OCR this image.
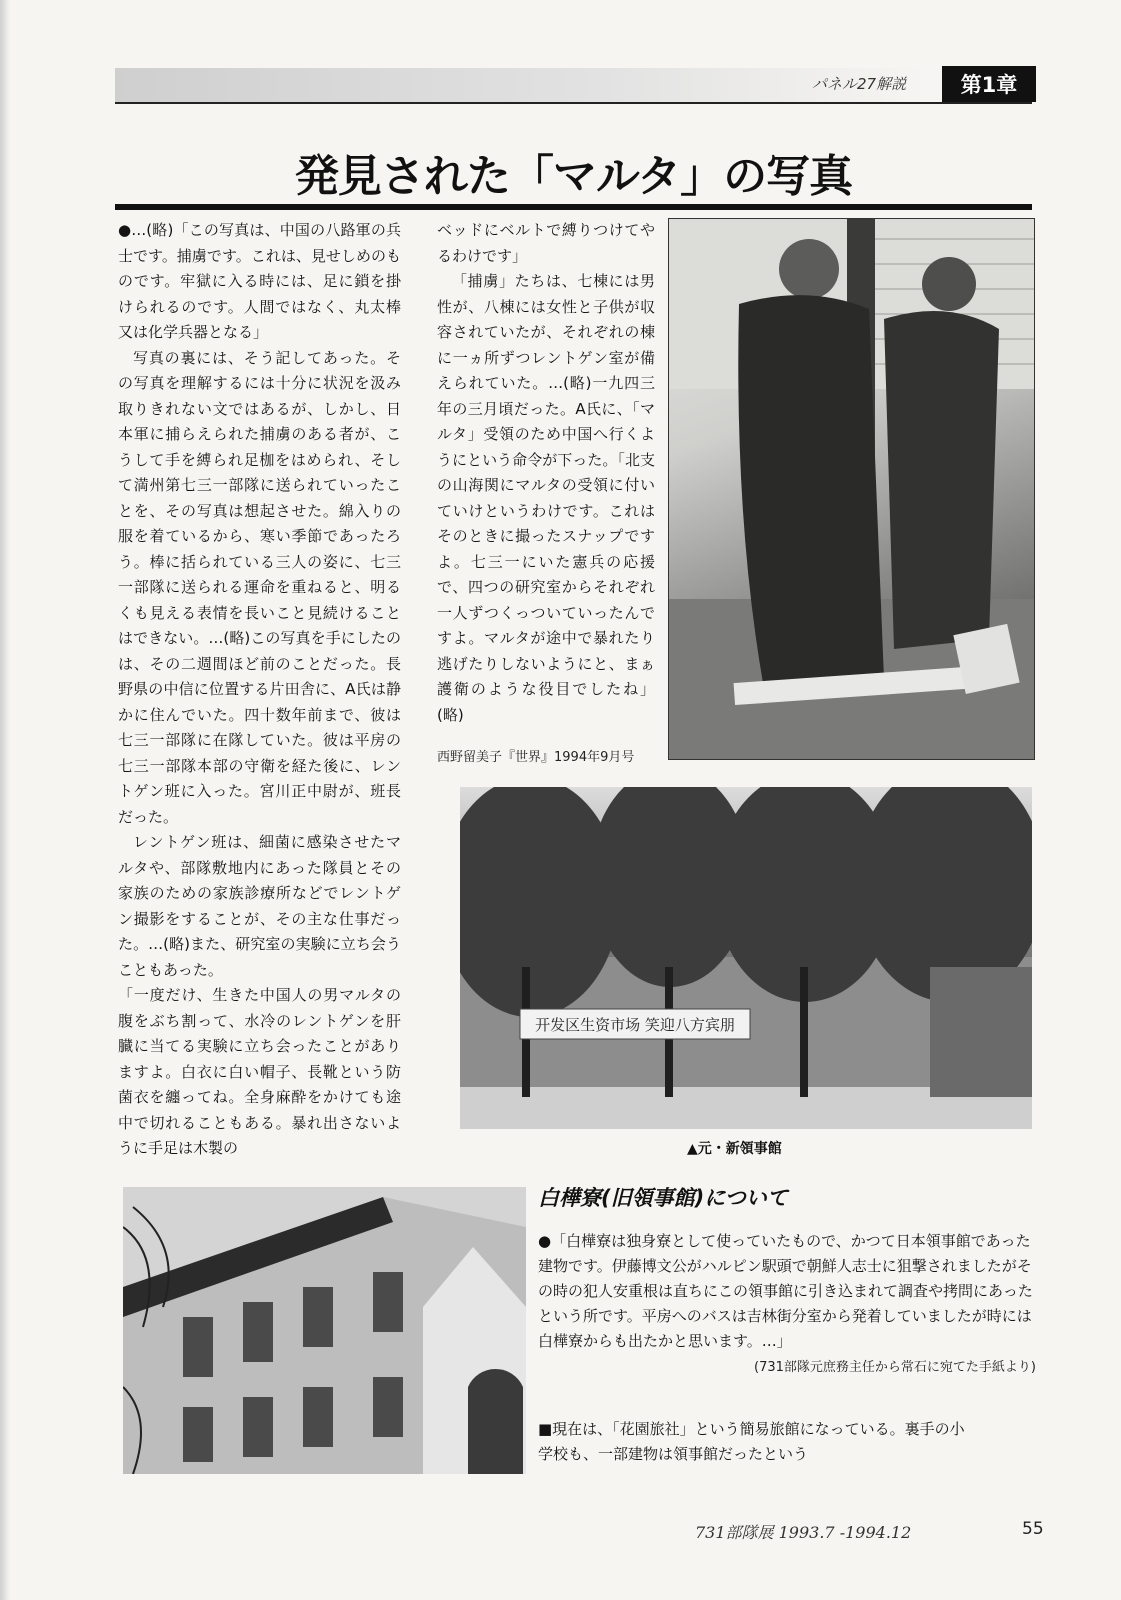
パネル27解説	第1章
発見された「マルタ」の写真

●…(略)「この写真は、中国の八路軍の兵士です。捕虜です。これは、見せしめのものです。牢獄に入る時には、足に鎖を掛けられるのです。人間ではなく、丸太棒又は化学兵器となる」

写真の裏には、そう記してあった。その写真を理解するには十分に状況を汲み取りきれない文ではあるが、しかし、日本軍に捕らえられた捕虜のある者が、こうして手を縛られ足枷をはめられ、そして満州第七三一部隊に送られていったことを、その写真は想起させた。綿入りの服を着ているから、寒い季節であったろう。棒に括られている三人の姿に、七三一部隊に送られる運命を重ねると、明るくも見える表情を長いこと見続けることはできない。…(略)この写真を手にしたのは、その二週間ほど前のことだった。長野県の中信に位置する片田舎に、A氏は静かに住んでいた。四十数年前まで、彼は七三一部隊に在隊していた。彼は平房の七三一部隊本部の守衛を経た後に、レントゲン班に入った。宮川正中尉が、班長だった。

レントゲン班は、細菌に感染させたマルタや、部隊敷地内にあった隊員とその家族のための家族診療所などでレントゲン撮影をすることが、その主な仕事だった。…(略)また、研究室の実験に立ち会うこともあった。

「一度だけ、生きた中国人の男マルタの腹をぶち割って、水冷のレントゲンを肝臓に当てる実験に立ち会ったことがありますよ。白衣に白い帽子、長靴という防菌衣を纏ってね。全身麻酔をかけても途中で切れることもある。暴れ出さないように手足は木製の

ベッドにベルトで縛りつけてやるわけです」

「捕虜」たちは、七棟には男性が、八棟には女性と子供が収容されていたが、それぞれの棟に一ヵ所ずつレントゲン室が備えられていた。…(略)一九四三年の三月頃だった。A氏に、「マルタ」受領のため中国へ行くようにという命令が下った。「北支の山海関にマルタの受領に付いていけというわけです。これはそのときに撮ったスナップですよ。七三一にいた憲兵の応援で、四つの研究室からそれぞれ一人ずつくっついていったんですよ。マルタが途中で暴れたり逃げたりしないようにと、まぁ護衛のような役目でしたね」(略)

西野留美子『世界』1994年9月号
开发区生资市场 笑迎八方宾朋
▲元・新領事館
白樺寮(旧領事館)について
●「白樺寮は独身寮として使っていたもので、かつて日本領事館であった建物です。伊藤博文公がハルピン駅頭で朝鮮人志士に狙撃されましたがその時の犯人安重根は直ちにこの領事館に引き込まれて調査や拷問にあったという所です。平房へのバスは吉林街分室から発着していましたが時には白樺寮からも出たかと思います。…」
(731部隊元庶務主任から常石に宛てた手紙より)
■現在は、「花園旅社」という簡易旅館になっている。裏手の小学校も、一部建物は領事館だったという
731部隊展 1993.7 -1994.12	55
